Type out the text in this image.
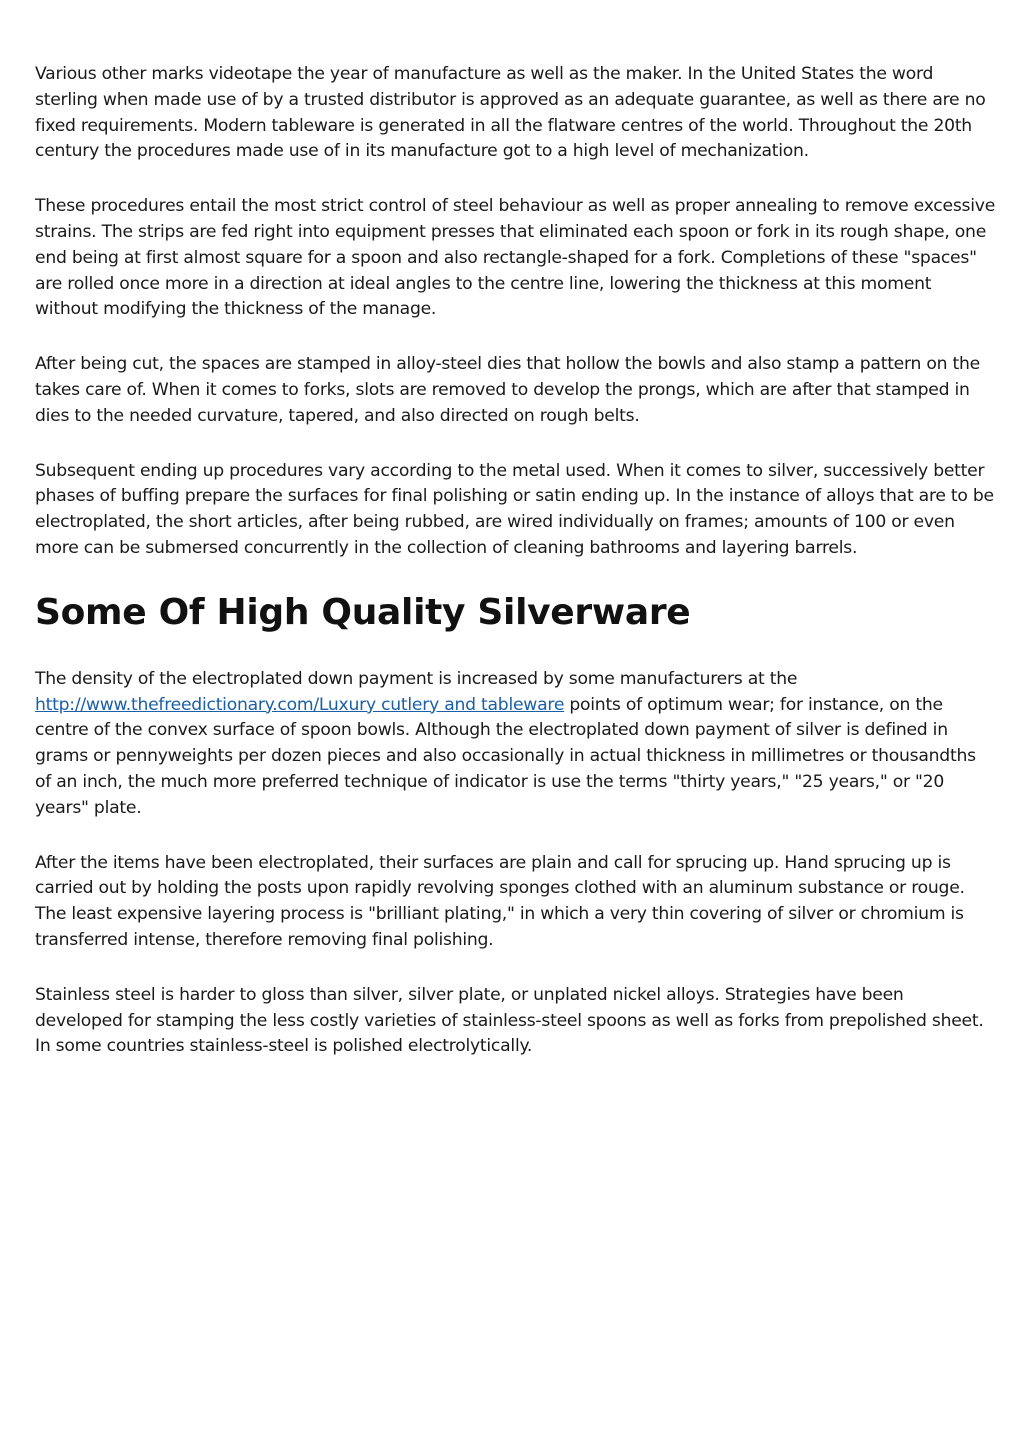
Various other marks videotape the year of manufacture as well as the maker. In the United States the word sterling when made use of by a trusted distributor is approved as an adequate guarantee, as well as there are no fixed requirements. Modern tableware is generated in all the flatware centres of the world. Throughout the 20th century the procedures made use of in its manufacture got to a high level of mechanization.

These procedures entail the most strict control of steel behaviour as well as proper annealing to remove excessive strains. The strips are fed right into equipment presses that eliminated each spoon or fork in its rough shape, one end being at first almost square for a spoon and also rectangle-shaped for a fork. Completions of these "spaces" are rolled once more in a direction at ideal angles to the centre line, lowering the thickness at this moment without modifying the thickness of the manage.

After being cut, the spaces are stamped in alloy-steel dies that hollow the bowls and also stamp a pattern on the takes care of. When it comes to forks, slots are removed to develop the prongs, which are after that stamped in dies to the needed curvature, tapered, and also directed on rough belts.

Subsequent ending up procedures vary according to the metal used. When it comes to silver, successively better phases of buffing prepare the surfaces for final polishing or satin ending up. In the instance of alloys that are to be electroplated, the short articles, after being rubbed, are wired individually on frames; amounts of 100 or even more can be submersed concurrently in the collection of cleaning bathrooms and layering barrels.

Some Of High Quality Silverware

The density of the electroplated down payment is increased by some manufacturers at the http://www.thefreedictionary.com/Luxury cutlery and tableware points of optimum wear; for instance, on the centre of the convex surface of spoon bowls. Although the electroplated down payment of silver is defined in grams or pennyweights per dozen pieces and also occasionally in actual thickness in millimetres or thousandths of an inch, the much more preferred technique of indicator is use the terms "thirty years," "25 years," or "20 years" plate.

After the items have been electroplated, their surfaces are plain and call for sprucing up. Hand sprucing up is carried out by holding the posts upon rapidly revolving sponges clothed with an aluminum substance or rouge. The least expensive layering process is "brilliant plating," in which a very thin covering of silver or chromium is transferred intense, therefore removing final polishing.

Stainless steel is harder to gloss than silver, silver plate, or unplated nickel alloys. Strategies have been developed for stamping the less costly varieties of stainless-steel spoons as well as forks from prepolished sheet. In some countries stainless-steel is polished electrolytically.
